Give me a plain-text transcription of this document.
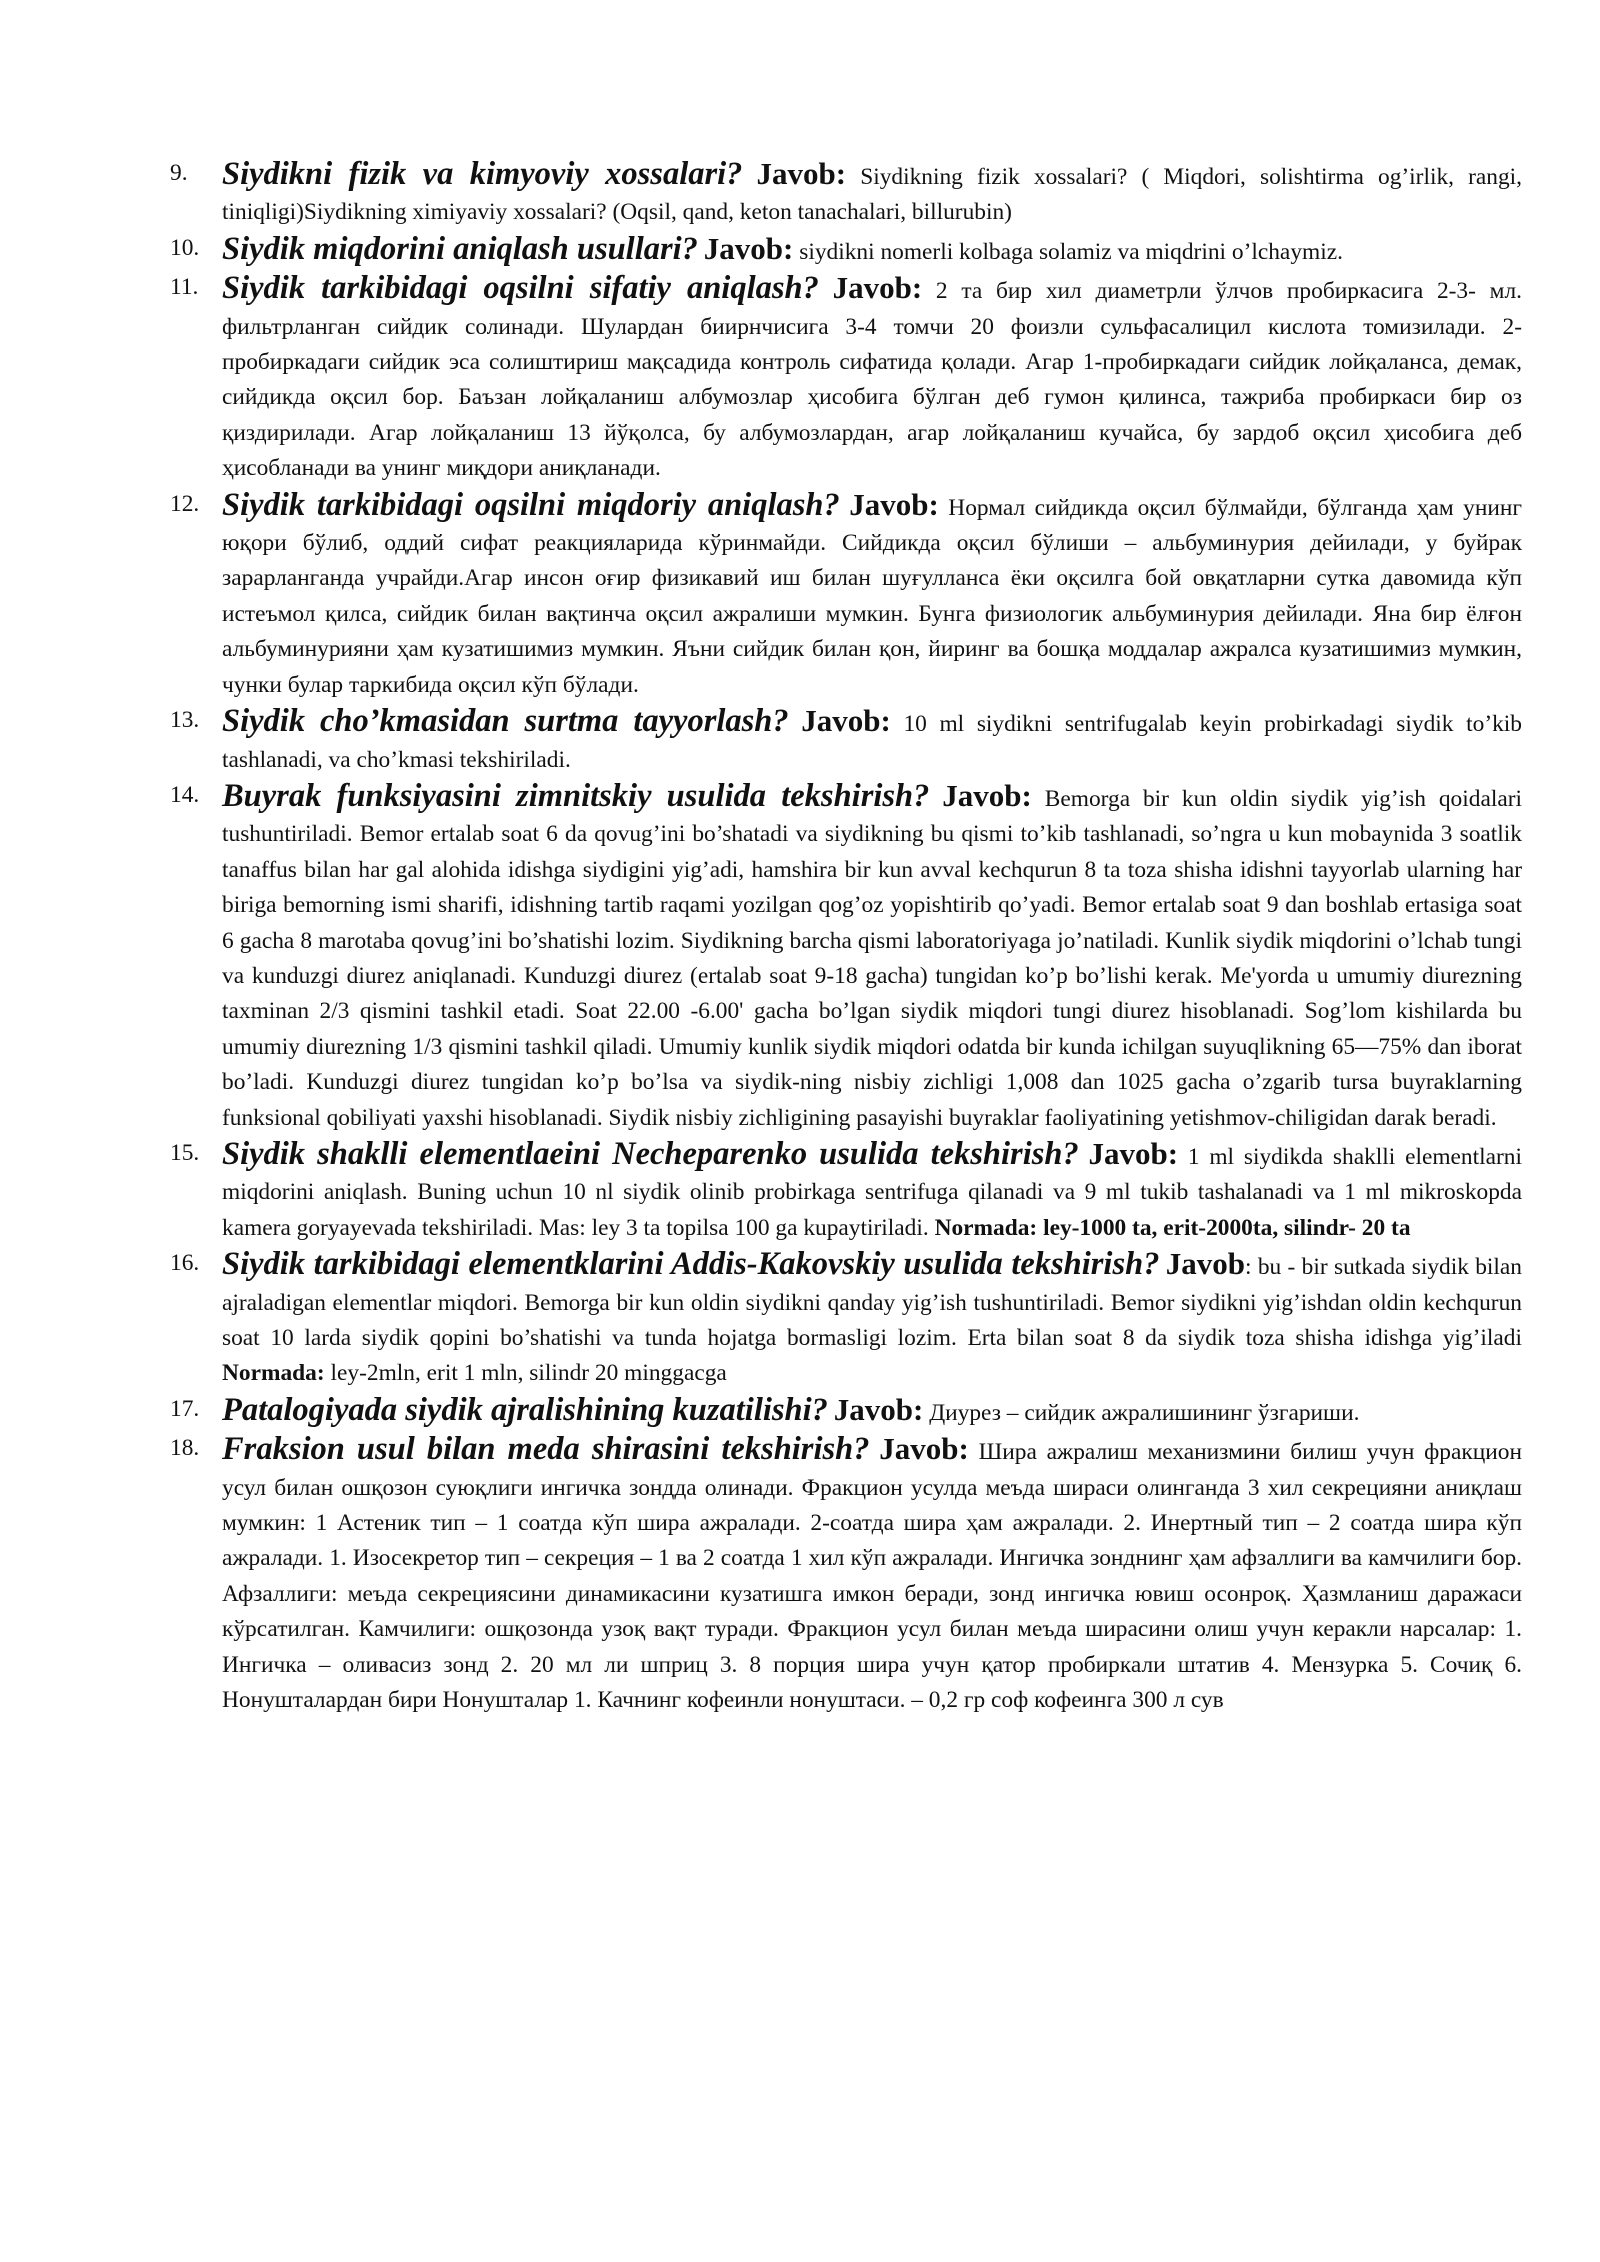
9. Siydikni fizik va kimyoviy xossalari? Javob: Siydikning fizik xossalari? ( Miqdori, solishtirma og’irlik, rangi, tiniqligi)Siydikning ximiyaviy xossalari? (Oqsil, qand, keton tanachalari, billurubin)

10. Siydik miqdorini aniqlash usullari? Javob: siydikni nomerli kolbaga solamiz va miqdrini o’lchaymiz.

11. Siydik tarkibidagi oqsilni sifatiy aniqlash? Javob: 2 та бир хил диаметрли ўлчов пробиркасига 2-3- мл. фильтрланган сийдик солинади. Шулардан биирнчисига 3-4 томчи 20 фоизли сульфасалицил кислота томизилади. 2-пробиркадаги сийдик эса солиштириш мақсадида контроль сифатида қолади. Агар 1-пробиркадаги сийдик лойқаланса, демак, сийдикда оқсил бор. Баъзан лойқаланиш албумозлар ҳисобига бўлган деб гумон қилинса, тажриба пробиркаси бир оз қиздирилади. Агар лойқаланиш 13 йўқолса, бу албумозлардан, агар лойқаланиш кучайса, бу зардоб оқсил ҳисобига деб ҳисобланади ва унинг миқдори аниқланади.

12. Siydik tarkibidagi oqsilni miqdoriy aniqlash? Javob: Нормал сийдикда оқсил бўлмайди, бўлганда ҳам унинг юқори бўлиб, оддий сифат реакцияларида кўринмайди. Сийдикда оқсил бўлиши – альбуминурия дейилади, у буйрак зарарланганда учрайди.Агар инсон оғир физикавий иш билан шуғулланса ёки оқсилга бой овқатларни сутка давомида кўп истеъмол қилса, сийдик билан вақтинча оқсил ажралиши мумкин. Бунга физиологик альбуминурия дейилади. Яна бир ёлғон альбуминурияни ҳам кузатишимиз мумкин. Яъни сийдик билан қон, йиринг ва бошқа моддалар ажралса кузатишимиз мумкин, чунки булар таркибида оқсил кўп бўлади.

13. Siydik cho’kmasidan surtma tayyorlash? Javob: 10 ml siydikni sentrifugalab keyin probirkadagi siydik to’kib tashlanadi, va cho’kmasi tekshiriladi.

14. Buyrak funksiyasini zimnitskiy usulida tekshirish? Javob: Bemorga bir kun oldin siydik yig’ish qoidalari tushuntiriladi. Bemor ertalab soat 6 da qovug’ini bo’shatadi va siydikning bu qismi to’kib tashlanadi, so’ngra u kun mobaynida 3 soatlik tanaffus bilan har gal alohida idishga siydigini yig’adi, hamshira bir kun avval kechqurun 8 ta toza shisha idishni tayyorlab ularning har biriga bemorning ismi sharifi, idishning tartib raqami yozilgan qog’oz yopishtirib qo’yadi. Bemor ertalab soat 9 dan boshlab ertasiga soat 6 gacha 8 marotaba qovug’ini bo’shatishi lozim. Siydikning barcha qismi laboratoriyaga jo’natiladi. Kunlik siydik miqdorini o’lchab tungi va kunduzgi diurez aniqlanadi. Kunduzgi diurez (ertalab soat 9-18 gacha) tungidan ko’p bo’lishi kerak. Me'yorda u umumiy diurezning taxminan 2/3 qismini tashkil etadi. Soat 22.00 -6.00' gacha bo’lgan siydik miqdori tungi diurez hisoblanadi. Sog’lom kishilarda bu umumiy diurezning 1/3 qismini tashkil qiladi. Umumiy kunlik siydik miqdori odatda bir kunda ichilgan suyuqlikning 65—75% dan iborat bo’ladi. Kunduzgi diurez tungidan ko’p bo’lsa va siydik-ning nisbiy zichligi 1,008 dan 1025 gacha o’zgarib tursa buyraklarning funksional qobiliyati yaxshi hisoblanadi. Siydik nisbiy zichligining pasayishi buyraklar faoliyatining yetishmov-chiligidan darak beradi.

15. Siydik shaklli elementlaeini Necheparenko usulida tekshirish? Javob: 1 ml siydikda shaklli elementlarni miqdorini aniqlash. Buning uchun 10 nl siydik olinib probirkaga sentrifuga qilanadi va 9 ml tukib tashalanadi va 1 ml mikroskopda kamera goryayevada tekshiriladi. Mas: ley 3 ta topilsa 100 ga kupaytiriladi. Normada: ley-1000 ta, erit-2000ta, silindr- 20 ta

16. Siydik tarkibidagi elementklarini Addis-Kakovskiy usulida tekshirish? Javob: bu - bir sutkada siydik bilan ajraladigan elementlar miqdori. Bemorga bir kun oldin siydikni qanday yig’ish tushuntiriladi. Bemor siydikni yig’ishdan oldin kechqurun soat 10 larda siydik qopini bo’shatishi va tunda hojatga bormasligi lozim. Erta bilan soat 8 da siydik toza shisha idishga yig’iladi Normada: ley-2mln, erit 1 mln, silindr 20 minggacga

17. Patalogiyada siydik ajralishining kuzatilishi? Javob: Диурез – сийдик ажралишининг ўзгариши.

18. Fraksion usul bilan meda shirasini tekshirish? Javob: Шира ажралиш механизмини билиш учун фракцион усул билан ошқозон суюқлиги ингичка зондда олинади. Фракцион усулда меъда шираси олинганда 3 хил секрецияни аниқлаш мумкин: 1 Астеник тип – 1 соатда кўп шира ажралади. 2-соатда шира ҳам ажралади. 2. Инертный тип – 2 соатда шира кўп ажралади. 1. Изосекретор тип – секреция – 1 ва 2 соатда 1 хил кўп ажралади. Ингичка зонднинг ҳам афзаллиги ва камчилиги бор. Афзаллиги: меъда секрециясини динамикасини кузатишга имкон беради, зонд ингичка ювиш осонроқ. Ҳазмланиш даражаси кўрсатилган. Камчилиги: ошқозонда узоқ вақт туради. Фракцион усул билан меъда ширасини олиш учун керакли нарсалар: 1. Ингичка – оливасиз зонд 2. 20 мл ли шприц 3. 8 порция шира учун қатор пробиркали штатив 4. Мензурка 5. Сочиқ 6. Нонушталардан бири Нонушталар 1. Качнинг кофеинли нонуштаси. – 0,2 гр соф кофеинга 300 л сув
